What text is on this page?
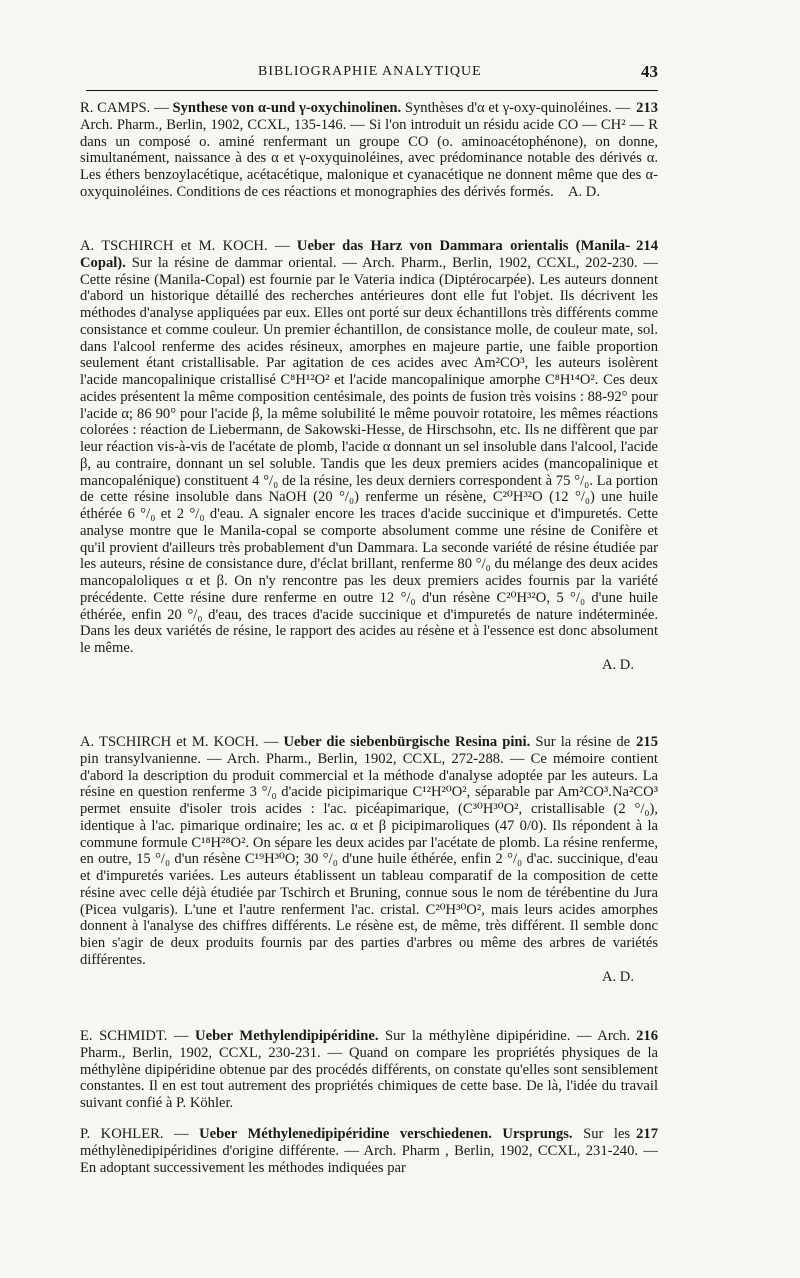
BIBLIOGRAPHIE ANALYTIQUE	43
213
R. CAMPS. — Synthese von α-und γ-oxychinolinen. Synthèses d'α et γ-oxy-quinoléines. — Arch. Pharm., Berlin, 1902, CCXL, 135-146. — Si l'on introduit un résidu acide CO — CH² — R dans un composé o. aminé renfermant un groupe CO (o. aminoacétophénone), on donne, simultanément, naissance à des α et γ-oxyquinoléines, avec prédominance notable des dérivés α. Les éthers benzoylacétique, acétacétique, malonique et cyanacétique ne donnent même que des α-oxyquinoléines. Conditions de ces réactions et monographies des dérivés formés. A. D.
214
A. TSCHIRCH et M. KOCH. — Ueber das Harz von Dammara orientalis (Manila-Copal). Sur la résine de dammar oriental. — Arch. Pharm., Berlin, 1902, CCXL, 202-230. — Cette résine (Manila-Copal) est fournie par le Vateria indica (Diptérocarpée). Les auteurs donnent d'abord un historique détaillé des recherches antérieures dont elle fut l'objet. Ils décrivent les méthodes d'analyse appliquées par eux. Elles ont porté sur deux échantillons très différents comme consistance et comme couleur. Un premier échantillon, de consistance molle, de couleur mate, sol. dans l'alcool renferme des acides résineux, amorphes en majeure partie, une faible proportion seulement étant cristallisable. Par agitation de ces acides avec Am²CO³, les auteurs isolèrent l'acide mancopalinique cristallisé C⁸H¹²O² et l'acide mancopalinique amorphe C⁸H¹⁴O². Ces deux acides présentent la même composition centésimale, des points de fusion très voisins : 88-92° pour l'acide α; 86 90° pour l'acide β, la même solubilité le même pouvoir rotatoire, les mêmes réactions colorées : réaction de Liebermann, de Sakowski-Hesse, de Hirschsohn, etc. Ils ne diffèrent que par leur réaction vis-à-vis de l'acétate de plomb, l'acide α donnant un sel insoluble dans l'alcool, l'acide β, au contraire, donnant un sel soluble. Tandis que les deux premiers acides (mancopalinique et mancopalénique) constituent 4 °/₀ de la résine, les deux derniers correspondent à 75 °/₀. La portion de cette résine insoluble dans NaOH (20 °/₀) renferme un résène, C²⁰H³²O (12 °/₀) une huile éthérée 6 °/₀ et 2 °/₀ d'eau. A signaler encore les traces d'acide succinique et d'impuretés. Cette analyse montre que le Manila-copal se comporte absolument comme une résine de Conifère et qu'il provient d'ailleurs très probablement d'un Dammara. La seconde variété de résine étudiée par les auteurs, résine de consistance dure, d'éclat brillant, renferme 80 °/₀ du mélange des deux acides mancopaloliques α et β. On n'y rencontre pas les deux premiers acides fournis par la variété précédente. Cette résine dure renferme en outre 12 °/₀ d'un résène C²⁰H³²O, 5 °/₀ d'une huile éthérée, enfin 20 °/₀ d'eau, des traces d'acide succinique et d'impuretés de nature indéterminée. Dans les deux variétés de résine, le rapport des acides au résène et à l'essence est donc absolument le même.
A. D.
215
A. TSCHIRCH et M. KOCH. — Ueber die siebenbürgische Resina pini. Sur la résine de pin transylvanienne. — Arch. Pharm., Berlin, 1902, CCXL, 272-288. — Ce mémoire contient d'abord la description du produit commercial et la méthode d'analyse adoptée par les auteurs. La résine en question renferme 3 °/₀ d'acide picipimarique C¹²H²⁰O², séparable par Am²CO³.Na²CO³ permet ensuite d'isoler trois acides : l'ac. picéapimarique, (C³⁰H³⁰O², cristallisable (2 °/₀), identique à l'ac. pimarique ordinaire; les ac. α et β picipimaroliques (47 0/0). Ils répondent à la commune formule C¹⁸H²⁸O². On sépare les deux acides par l'acétate de plomb. La résine renferme, en outre, 15 °/₀ d'un résène C¹⁹H³⁰O; 30 °/₀ d'une huile éthérée, enfin 2 °/₀ d'ac. succinique, d'eau et d'impuretés variées. Les auteurs établissent un tableau comparatif de la composition de cette résine avec celle déjà étudiée par Tschirch et Bruning, connue sous le nom de térébentine du Jura (Picea vulgaris). L'une et l'autre renferment l'ac. cristal. C²⁰H³⁰O², mais leurs acides amorphes donnent à l'analyse des chiffres différents. Le résène est, de même, très différent. Il semble donc bien s'agir de deux produits fournis par des parties d'arbres ou même des arbres de variétés différentes.
A. D.
216
E. SCHMIDT. — Ueber Methylendipipéridine. Sur la méthylène dipipéridine. — Arch. Pharm., Berlin, 1902, CCXL, 230-231. — Quand on compare les propriétés physiques de la méthylène dipipéridine obtenue par des procédés différents, on constate qu'elles sont sensiblement constantes. Il en est tout autrement des propriétés chimiques de cette base. De là, l'idée du travail suivant confié à P. Köhler.
217
P. KOHLER. — Ueber Méthylenedipipéridine verschiedenen. Ursprungs. Sur les méthylènedipipéridines d'origine différente. — Arch. Pharm , Berlin, 1902, CCXL, 231-240. — En adoptant successivement les méthodes indiquées par
